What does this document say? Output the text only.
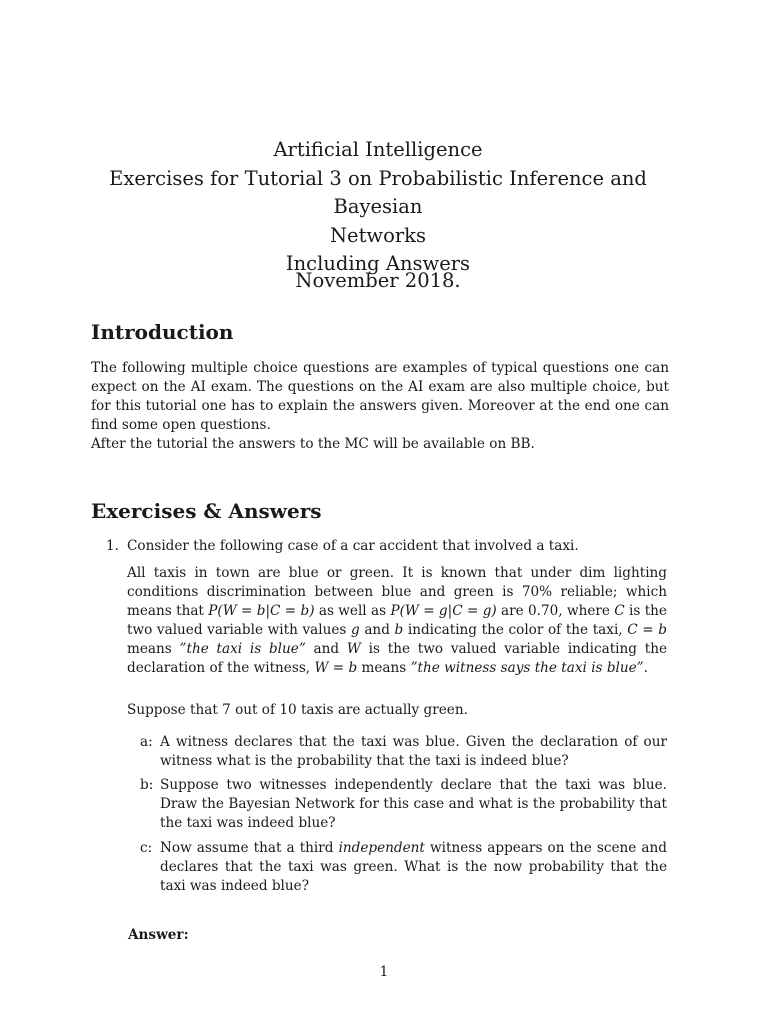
Artificial Intelligence
Exercises for Tutorial 3 on Probabilistic Inference and Bayesian
Networks
Including Answers
November 2018.
Introduction
The following multiple choice questions are examples of typical questions one can expect on the AI exam. The questions on the AI exam are also multiple choice, but for this tutorial one has to explain the answers given. Moreover at the end one can find some open questions.
After the tutorial the answers to the MC will be available on BB.
Exercises & Answers
1. Consider the following case of a car accident that involved a taxi.
All taxis in town are blue or green. It is known that under dim lighting conditions discrimination between blue and green is 70% reliable; which means that P(W = b|C = b) as well as P(W = g|C = g) are 0.70, where C is the two valued variable with values g and b indicating the color of the taxi, C = b means ”the taxi is blue” and W is the two valued variable indicating the declaration of the witness, W = b means ”the witness says the taxi is blue”.
Suppose that 7 out of 10 taxis are actually green.
a: A witness declares that the taxi was blue. Given the declaration of our witness what is the probability that the taxi is indeed blue?
b: Suppose two witnesses independently declare that the taxi was blue. Draw the Bayesian Network for this case and what is the probability that the taxi was indeed blue?
c: Now assume that a third independent witness appears on the scene and declares that the taxi was green. What is the now probability that the taxi was indeed blue?
Answer:
1
